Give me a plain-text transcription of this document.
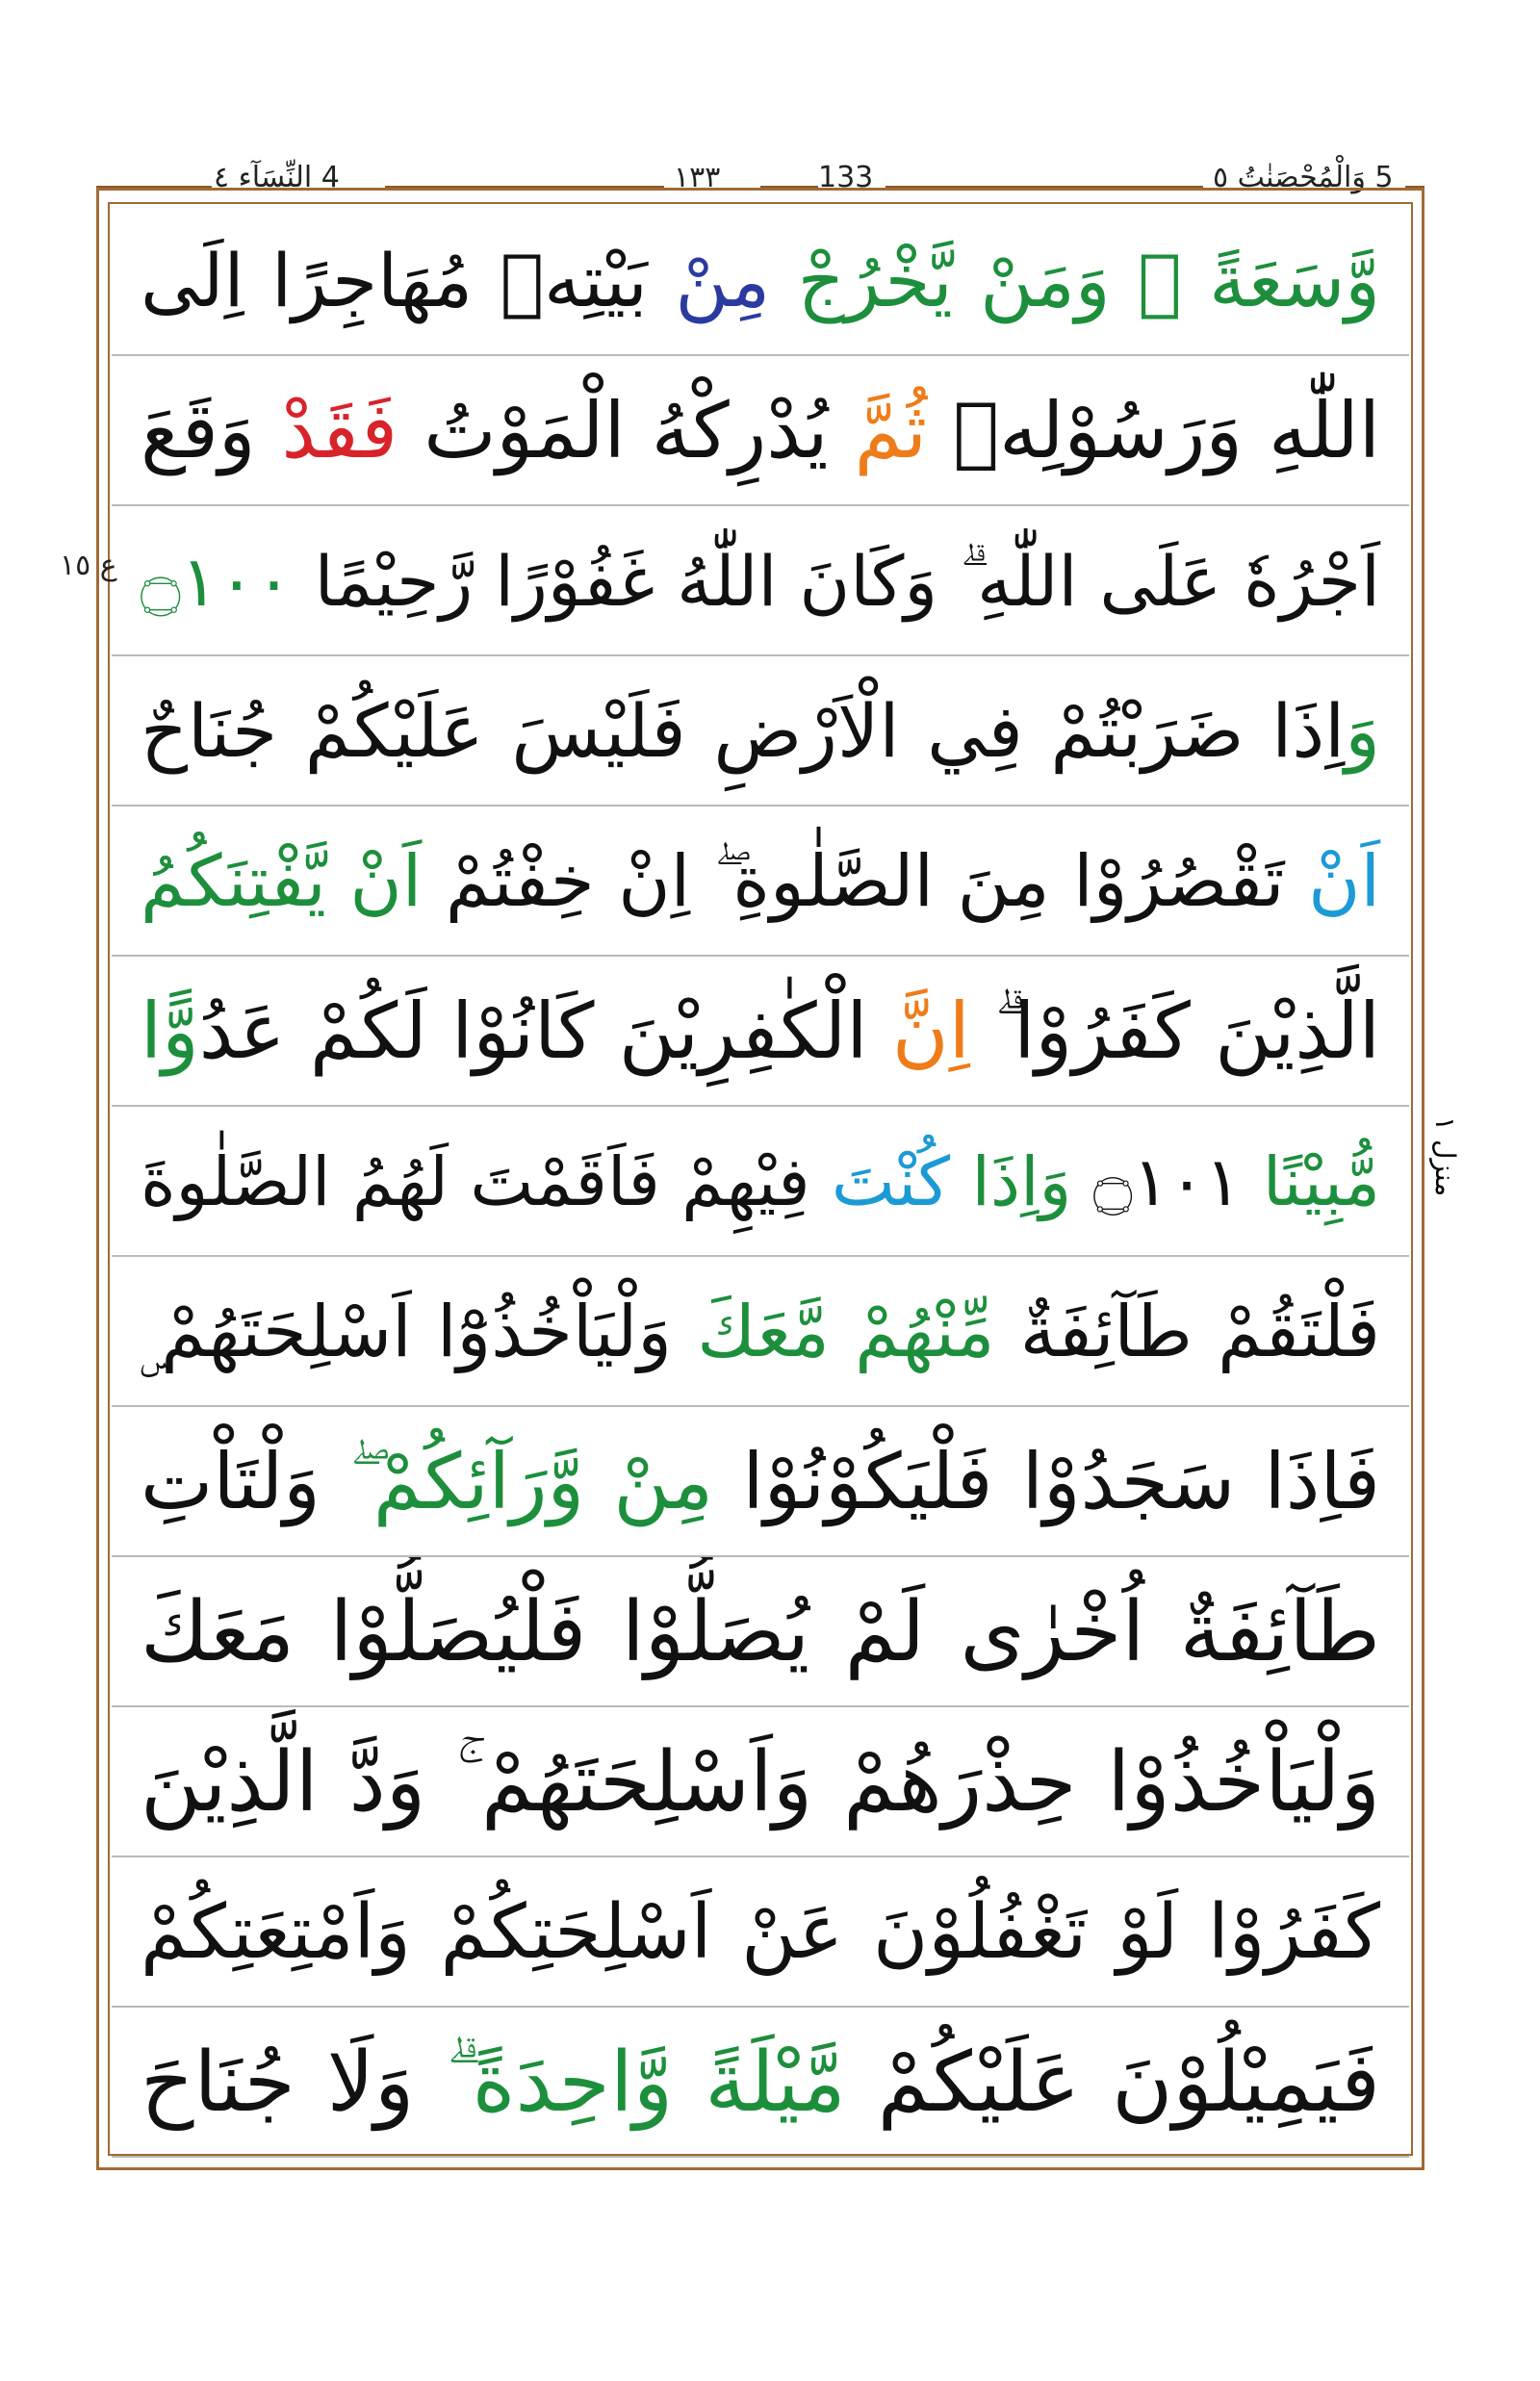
4 النِّسَآء ٤	١٣٣	133	5 وَالْمُحْصَنٰتُ ٥
ع ١٥
منزل ١
وَّسَعَةً ۚ وَمَنْ يَّخْرُجْ مِنْ بَيْتِهٖ مُهَاجِرًا اِلَى
اللّٰهِ وَرَسُوْلِهٖ ثُمَّ يُدْرِكْهُ الْمَوْتُ فَقَدْ وَقَعَ
اَجْرُهٗ عَلَى اللّٰهِ ۗ وَكَانَ اللّٰهُ غَفُوْرًا رَّحِيْمًا ۝١٠٠
وَاِذَا ضَرَبْتُمْ فِي الْاَرْضِ فَلَيْسَ عَلَيْكُمْ جُنَاحٌ
اَنْ تَقْصُرُوْا مِنَ الصَّلٰوةِ ۖ اِنْ خِفْتُمْ اَنْ يَّفْتِنَكُمُ
الَّذِيْنَ كَفَرُوْا ۗ اِنَّ الْكٰفِرِيْنَ كَانُوْا لَكُمْ عَدُوًّا
مُّبِيْنًا ۝١٠١ وَاِذَا كُنْتَ فِيْهِمْ فَاَقَمْتَ لَهُمُ الصَّلٰوةَ
فَلْتَقُمْ طَآئِفَةٌ مِّنْهُمْ مَّعَكَ وَلْيَاْخُذُوْٓا اَسْلِحَتَهُمْ ۣ
فَاِذَا سَجَدُوْا فَلْيَكُوْنُوْا مِنْ وَّرَآئِكُمْ ۖ وَلْتَاْتِ
طَآئِفَةٌ اُخْرٰى لَمْ يُصَلُّوْا فَلْيُصَلُّوْا مَعَكَ
وَلْيَاْخُذُوْا حِذْرَهُمْ وَاَسْلِحَتَهُمْ ۚ وَدَّ الَّذِيْنَ
كَفَرُوْا لَوْ تَغْفُلُوْنَ عَنْ اَسْلِحَتِكُمْ وَاَمْتِعَتِكُمْ
فَيَمِيْلُوْنَ عَلَيْكُمْ مَّيْلَةً وَّاحِدَةً ۗ وَلَا جُنَاحَ
